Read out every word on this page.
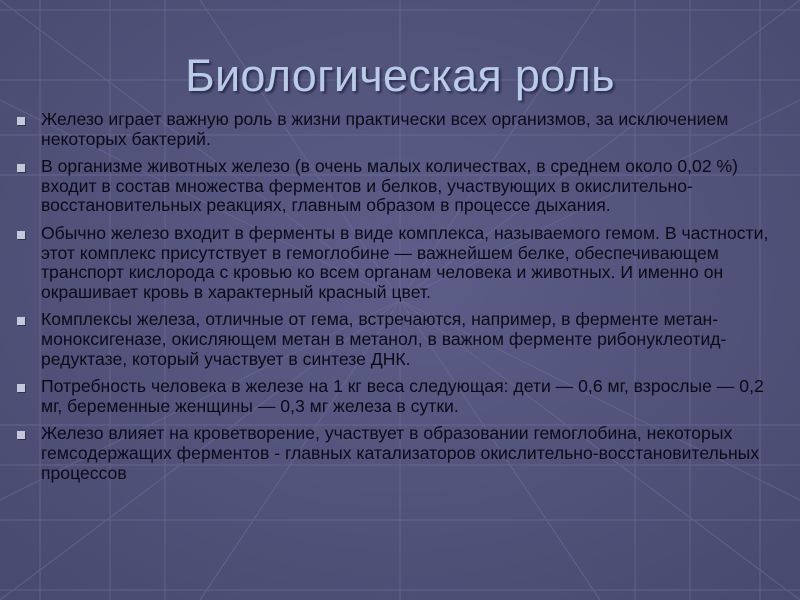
Биологическая роль
Железо играет важную роль в жизни практически всех организмов, за исключением некоторых бактерий.
В организме животных железо (в очень малых количествах, в среднем около 0,02 %) входит в состав множества ферментов и белков, участвующих в окислительно-восстановительных реакциях, главным образом в процессе дыхания.
Обычно железо входит в ферменты в виде комплекса, называемого гемом. В частности, этот комплекс присутствует в гемоглобине — важнейшем белке, обеспечивающем транспорт кислорода с кровью ко всем органам человека и животных. И именно он окрашивает кровь в характерный красный цвет.
Комплексы железа, отличные от гема, встречаются, например, в ферменте метан-моноксигеназе, окисляющем метан в метанол, в важном ферменте рибонуклеотид-редуктазе, который участвует в синтезе ДНК.
Потребность человека в железе на 1 кг веса следующая: дети — 0,6 мг, взрослые — 0,2 мг, беременные женщины — 0,3 мг железа в сутки.
Железо влияет на кроветворение, участвует в образовании гемоглобина, некоторых гемсодержащих ферментов - главных катализаторов окислительно-восстановительных процессов
